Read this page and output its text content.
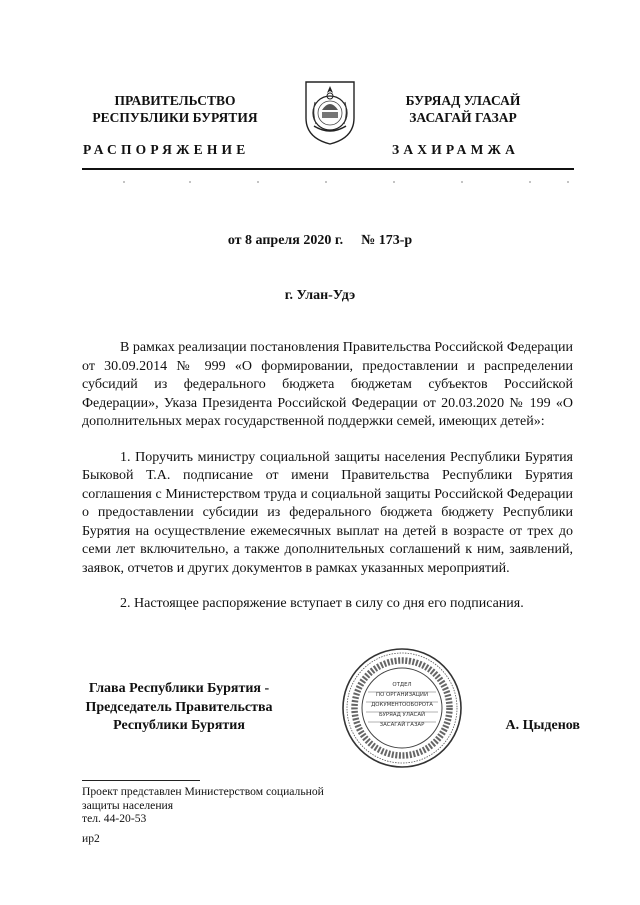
ПРАВИТЕЛЬСТВО
РЕСПУБЛИКИ БУРЯТИЯ
БУРЯАД УЛАСАЙ
ЗАСАГАЙ ГАЗАР
РАСПОРЯЖЕНИЕ	ЗАХИРАМЖА
от 8 апреля 2020 г. № 173-р
г. Улан-Удэ

В рамках реализации постановления Правительства Российской Федерации от 30.09.2014 № 999 «О формировании, предоставлении и распределении субсидий из федерального бюджета бюджетам субъектов Российской Федерации», Указа Президента Российской Федерации от 20.03.2020 № 199 «О дополнительных мерах государственной поддержки семей, имеющих детей»:

1. Поручить министру социальной защиты населения Республики Бурятия Быковой Т.А. подписание от имени Правительства Республики Бурятия соглашения с Министерством труда и социальной защиты Российской Федерации о предоставлении субсидии из федерального бюджета бюджету Республики Бурятия на осуществление ежемесячных выплат на детей в возрасте от трех до семи лет включительно, а также дополнительных соглашений к ним, заявлений, заявок, отчетов и других документов в рамках указанных мероприятий.

2. Настоящее распоряжение вступает в силу со дня его подписания.

ОТДЕЛ
ПО ОРГАНИЗАЦИИ
ДОКУМЕНТООБОРОТА
БУРЯАД УЛАСАЙ
ЗАСАГАЙ ГАЗАР
Глава Республики Бурятия -
Председатель Правительства
Республики Бурятия	А. Цыденов
Проект представлен Министерством социальной
защиты населения
тел. 44-20-53
ир2
